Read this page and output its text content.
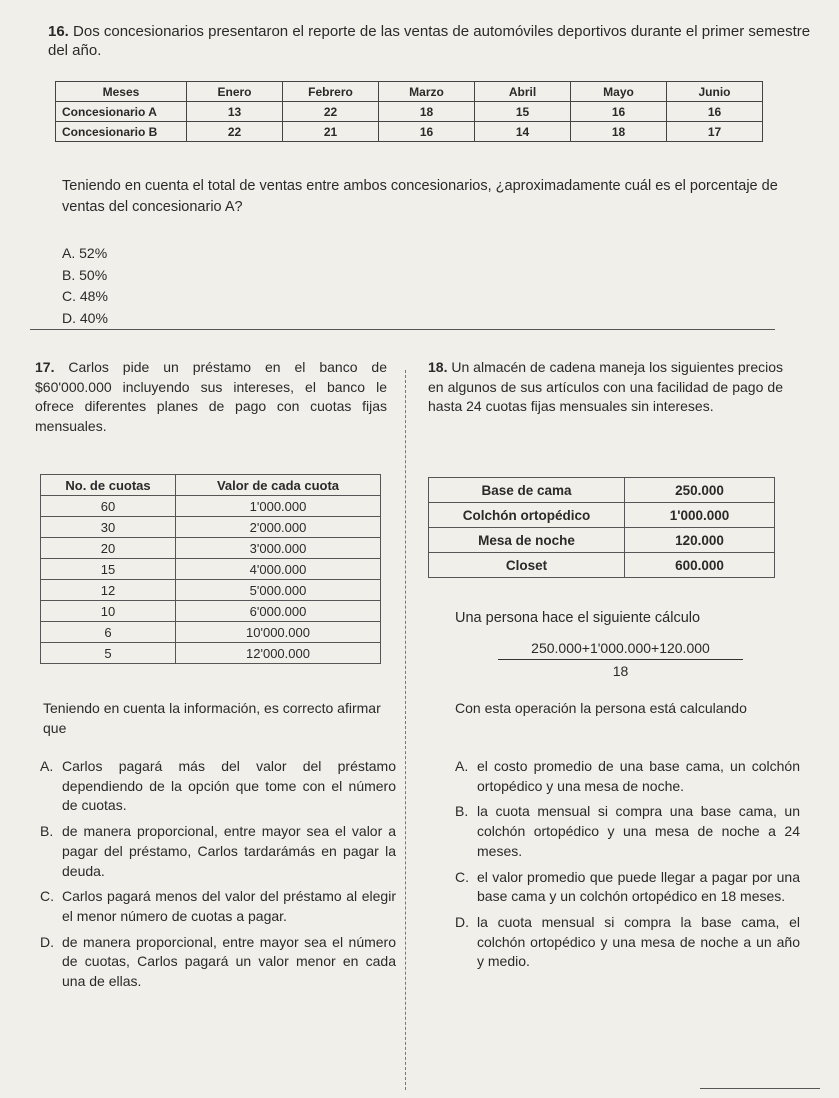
16. Dos concesionarios presentaron el reporte de las ventas de automóviles deportivos durante el primer semestre del año.
Meses	Enero	Febrero	Marzo	Abril	Mayo	Junio
Concesionario A	13	22	18	15	16	16
Concesionario B	22	21	16	14	18	17
Teniendo en cuenta el total de ventas entre ambos concesionarios, ¿aproximadamente cuál es el porcentaje de ventas del concesionario A?
A. 52%
B. 50%
C. 48%
D. 40%
17. Carlos pide un préstamo en el banco de $60'000.000 incluyendo sus intereses, el banco le ofrece diferentes planes de pago con cuotas fijas mensuales.
No. de cuotas	Valor de cada cuota
60	1'000.000
30	2'000.000
20	3'000.000
15	4'000.000
12	5'000.000
10	6'000.000
6	10'000.000
5	12'000.000
Teniendo en cuenta la información, es correcto afirmar que
A. Carlos pagará más del valor del préstamo dependiendo de la opción que tome con el número de cuotas.
B. de manera proporcional, entre mayor sea el valor a pagar del préstamo, Carlos tardarámás en pagar la deuda.
C. Carlos pagará menos del valor del préstamo al elegir el menor número de cuotas a pagar.
D. de manera proporcional, entre mayor sea el número de cuotas, Carlos pagará un valor menor en cada una de ellas.
18. Un almacén de cadena maneja los siguientes precios en algunos de sus artículos con una facilidad de pago de hasta 24 cuotas fijas mensuales sin intereses.
Base de cama	250.000
Colchón ortopédico	1'000.000
Mesa de noche	120.000
Closet	600.000
Una persona hace el siguiente cálculo
$\frac{250.000+1'000.000+120.000}{18}$
Con esta operación la persona está calculando
A. el costo promedio de una base cama, un colchón ortopédico y una mesa de noche.
B. la cuota mensual si compra una base cama, un colchón ortopédico y una mesa de noche a 24 meses.
C. el valor promedio que puede llegar a pagar por una base cama y un colchón ortopédico en 18 meses.
D. la cuota mensual si compra la base cama, el colchón ortopédico y una mesa de noche a un año y medio.
